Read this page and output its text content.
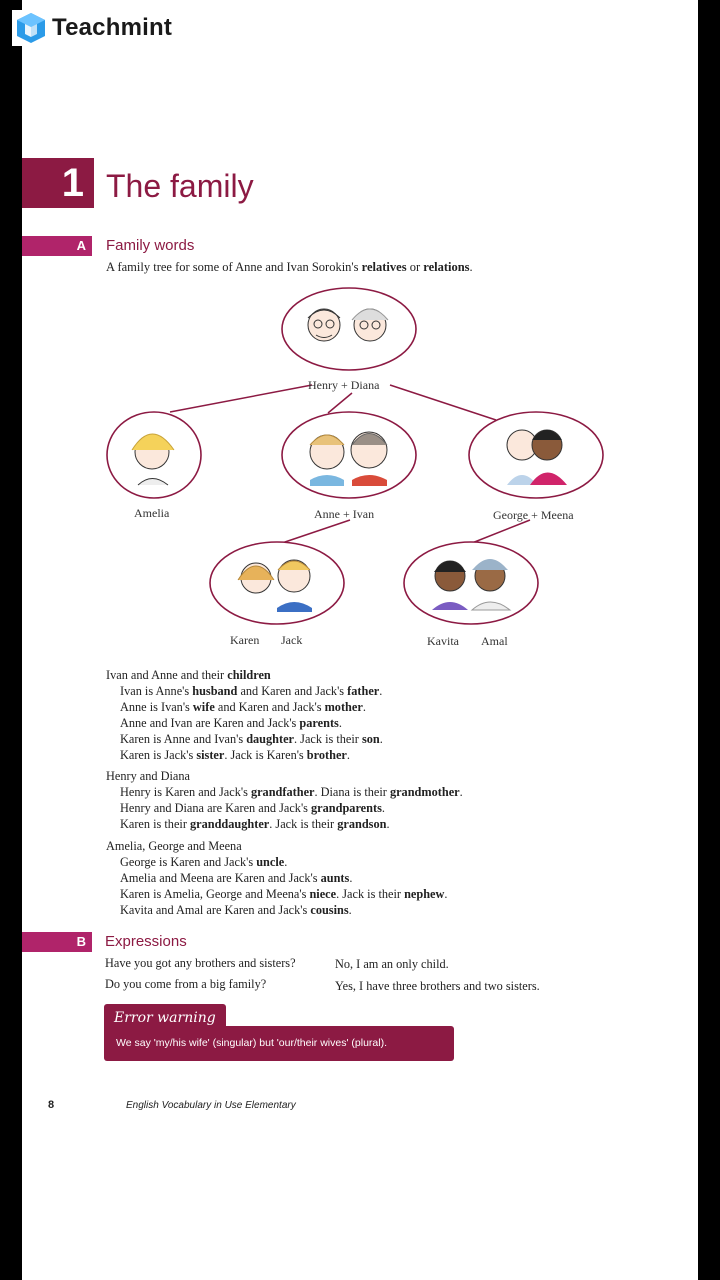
Teachmint
1 The family
A	Family words
A family tree for some of Anne and Ivan Sorokin's relatives or relations.
Henry + Diana
Amelia	Anne + Ivan	George + Meena
Karen Jack	Kavita Amal

Ivan and Anne and their children

Ivan is Anne's husband and Karen and Jack's father.

Anne is Ivan's wife and Karen and Jack's mother.

Anne and Ivan are Karen and Jack's parents.

Karen is Anne and Ivan's daughter. Jack is their son.

Karen is Jack's sister. Jack is Karen's brother.

Henry and Diana

Henry is Karen and Jack's grandfather. Diana is their grandmother.

Henry and Diana are Karen and Jack's grandparents.

Karen is their granddaughter. Jack is their grandson.

Amelia, George and Meena

George is Karen and Jack's uncle.

Amelia and Meena are Karen and Jack's aunts.

Karen is Amelia, George and Meena's niece. Jack is their nephew.

Kavita and Amal are Karen and Jack's cousins.

B	Expressions
Have you got any brothers and sisters?	No, I am an only child.
Do you come from a big family?	Yes, I have three brothers and two sisters.
Error warning
We say 'my/his wife' (singular) but 'our/their wives' (plural).
8	English Vocabulary in Use Elementary
